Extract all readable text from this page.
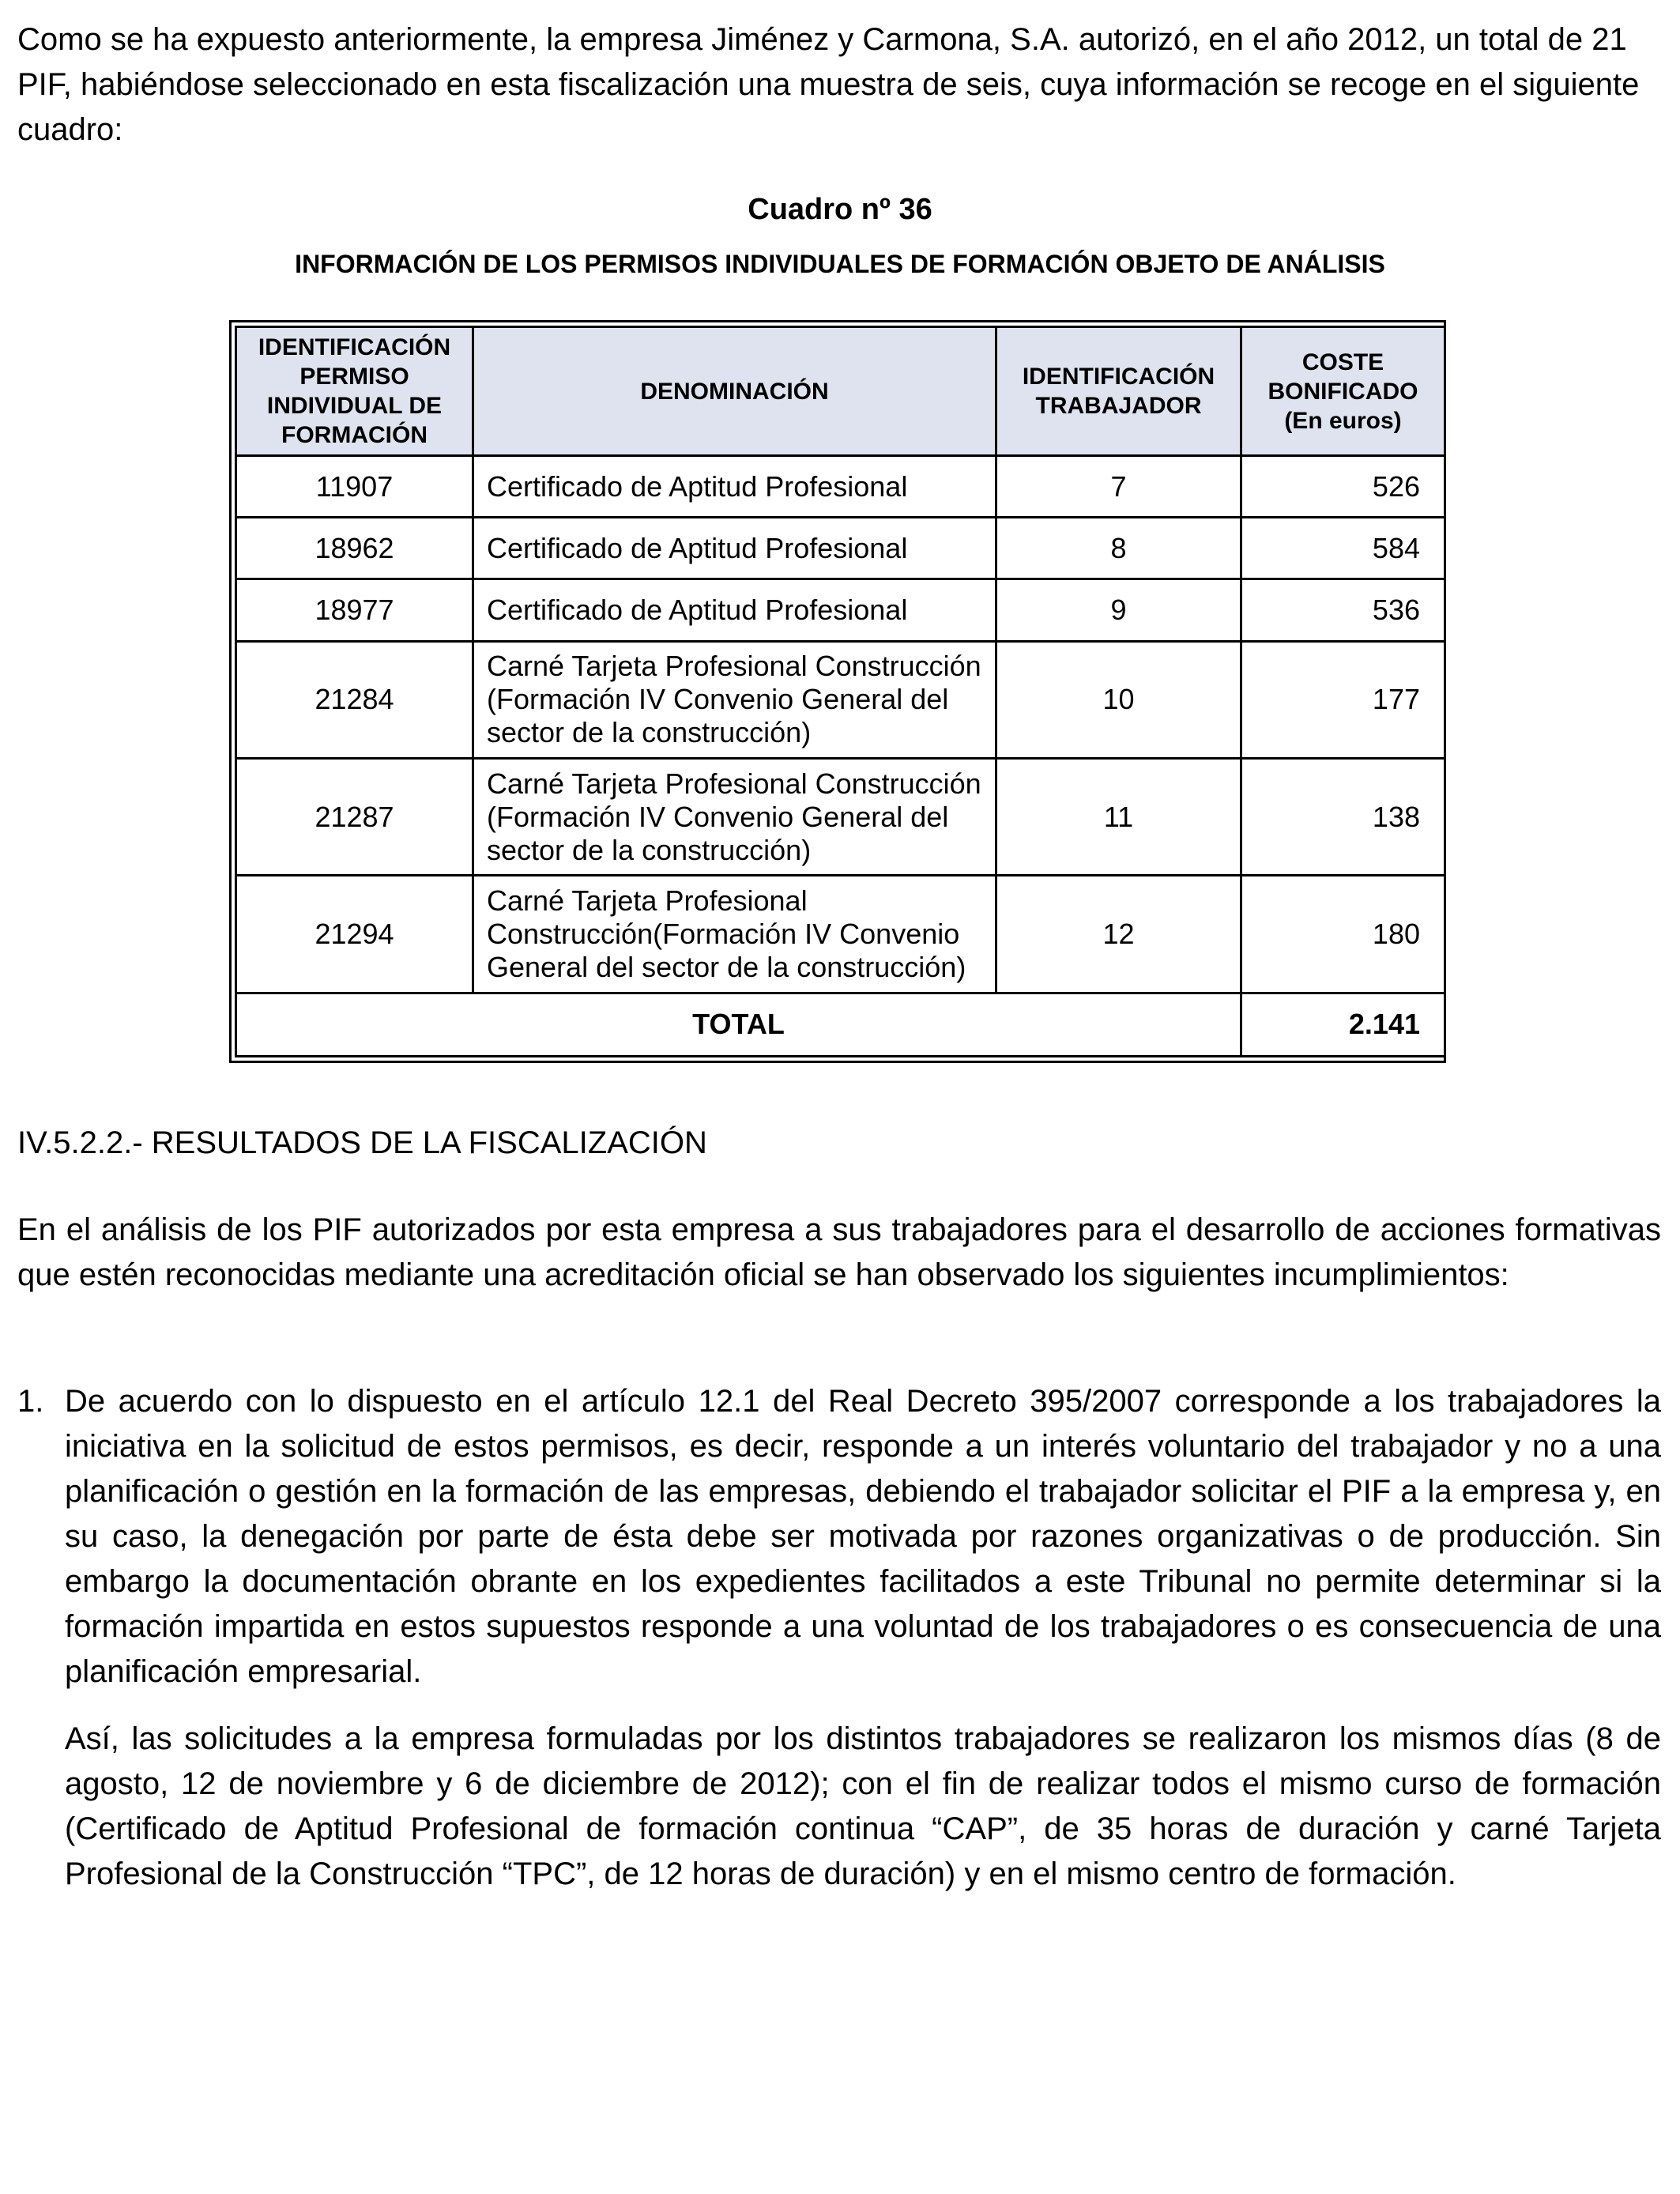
Como se ha expuesto anteriormente, la empresa Jiménez y Carmona, S.A. autorizó, en el año 2012, un total de 21 PIF, habiéndose seleccionado en esta fiscalización una muestra de seis, cuya información se recoge en el siguiente cuadro:

Cuadro nº 36

INFORMACIÓN DE LOS PERMISOS INDIVIDUALES DE FORMACIÓN OBJETO DE ANÁLISIS

IDENTIFICACIÓN PERMISO INDIVIDUAL DE FORMACIÓN	DENOMINACIÓN	IDENTIFICACIÓN TRABAJADOR	COSTE BONIFICADO (En euros)
11907	Certificado de Aptitud Profesional	7	526
18962	Certificado de Aptitud Profesional	8	584
18977	Certificado de Aptitud Profesional	9	536
21284	Carné Tarjeta Profesional Construcción (Formación IV Convenio General del sector de la construcción)	10	177
21287	Carné Tarjeta Profesional Construcción (Formación IV Convenio General del sector de la construcción)	11	138
21294	Carné Tarjeta Profesional Construcción(Formación IV Convenio General del sector de la construcción)	12	180
TOTAL			2.141

IV.5.2.2.- RESULTADOS DE LA FISCALIZACIÓN

En el análisis de los PIF autorizados por esta empresa a sus trabajadores para el desarrollo de acciones formativas que estén reconocidas mediante una acreditación oficial se han observado los siguientes incumplimientos:

1. De acuerdo con lo dispuesto en el artículo 12.1 del Real Decreto 395/2007 corresponde a los trabajadores la iniciativa en la solicitud de estos permisos, es decir, responde a un interés voluntario del trabajador y no a una planificación o gestión en la formación de las empresas, debiendo el trabajador solicitar el PIF a la empresa y, en su caso, la denegación por parte de ésta debe ser motivada por razones organizativas o de producción. Sin embargo la documentación obrante en los expedientes facilitados a este Tribunal no permite determinar si la formación impartida en estos supuestos responde a una voluntad de los trabajadores o es consecuencia de una planificación empresarial.

Así, las solicitudes a la empresa formuladas por los distintos trabajadores se realizaron los mismos días (8 de agosto, 12 de noviembre y 6 de diciembre de 2012); con el fin de realizar todos el mismo curso de formación (Certificado de Aptitud Profesional de formación continua “CAP”, de 35 horas de duración y carné Tarjeta Profesional de la Construcción “TPC”, de 12 horas de duración) y en el mismo centro de formación.
